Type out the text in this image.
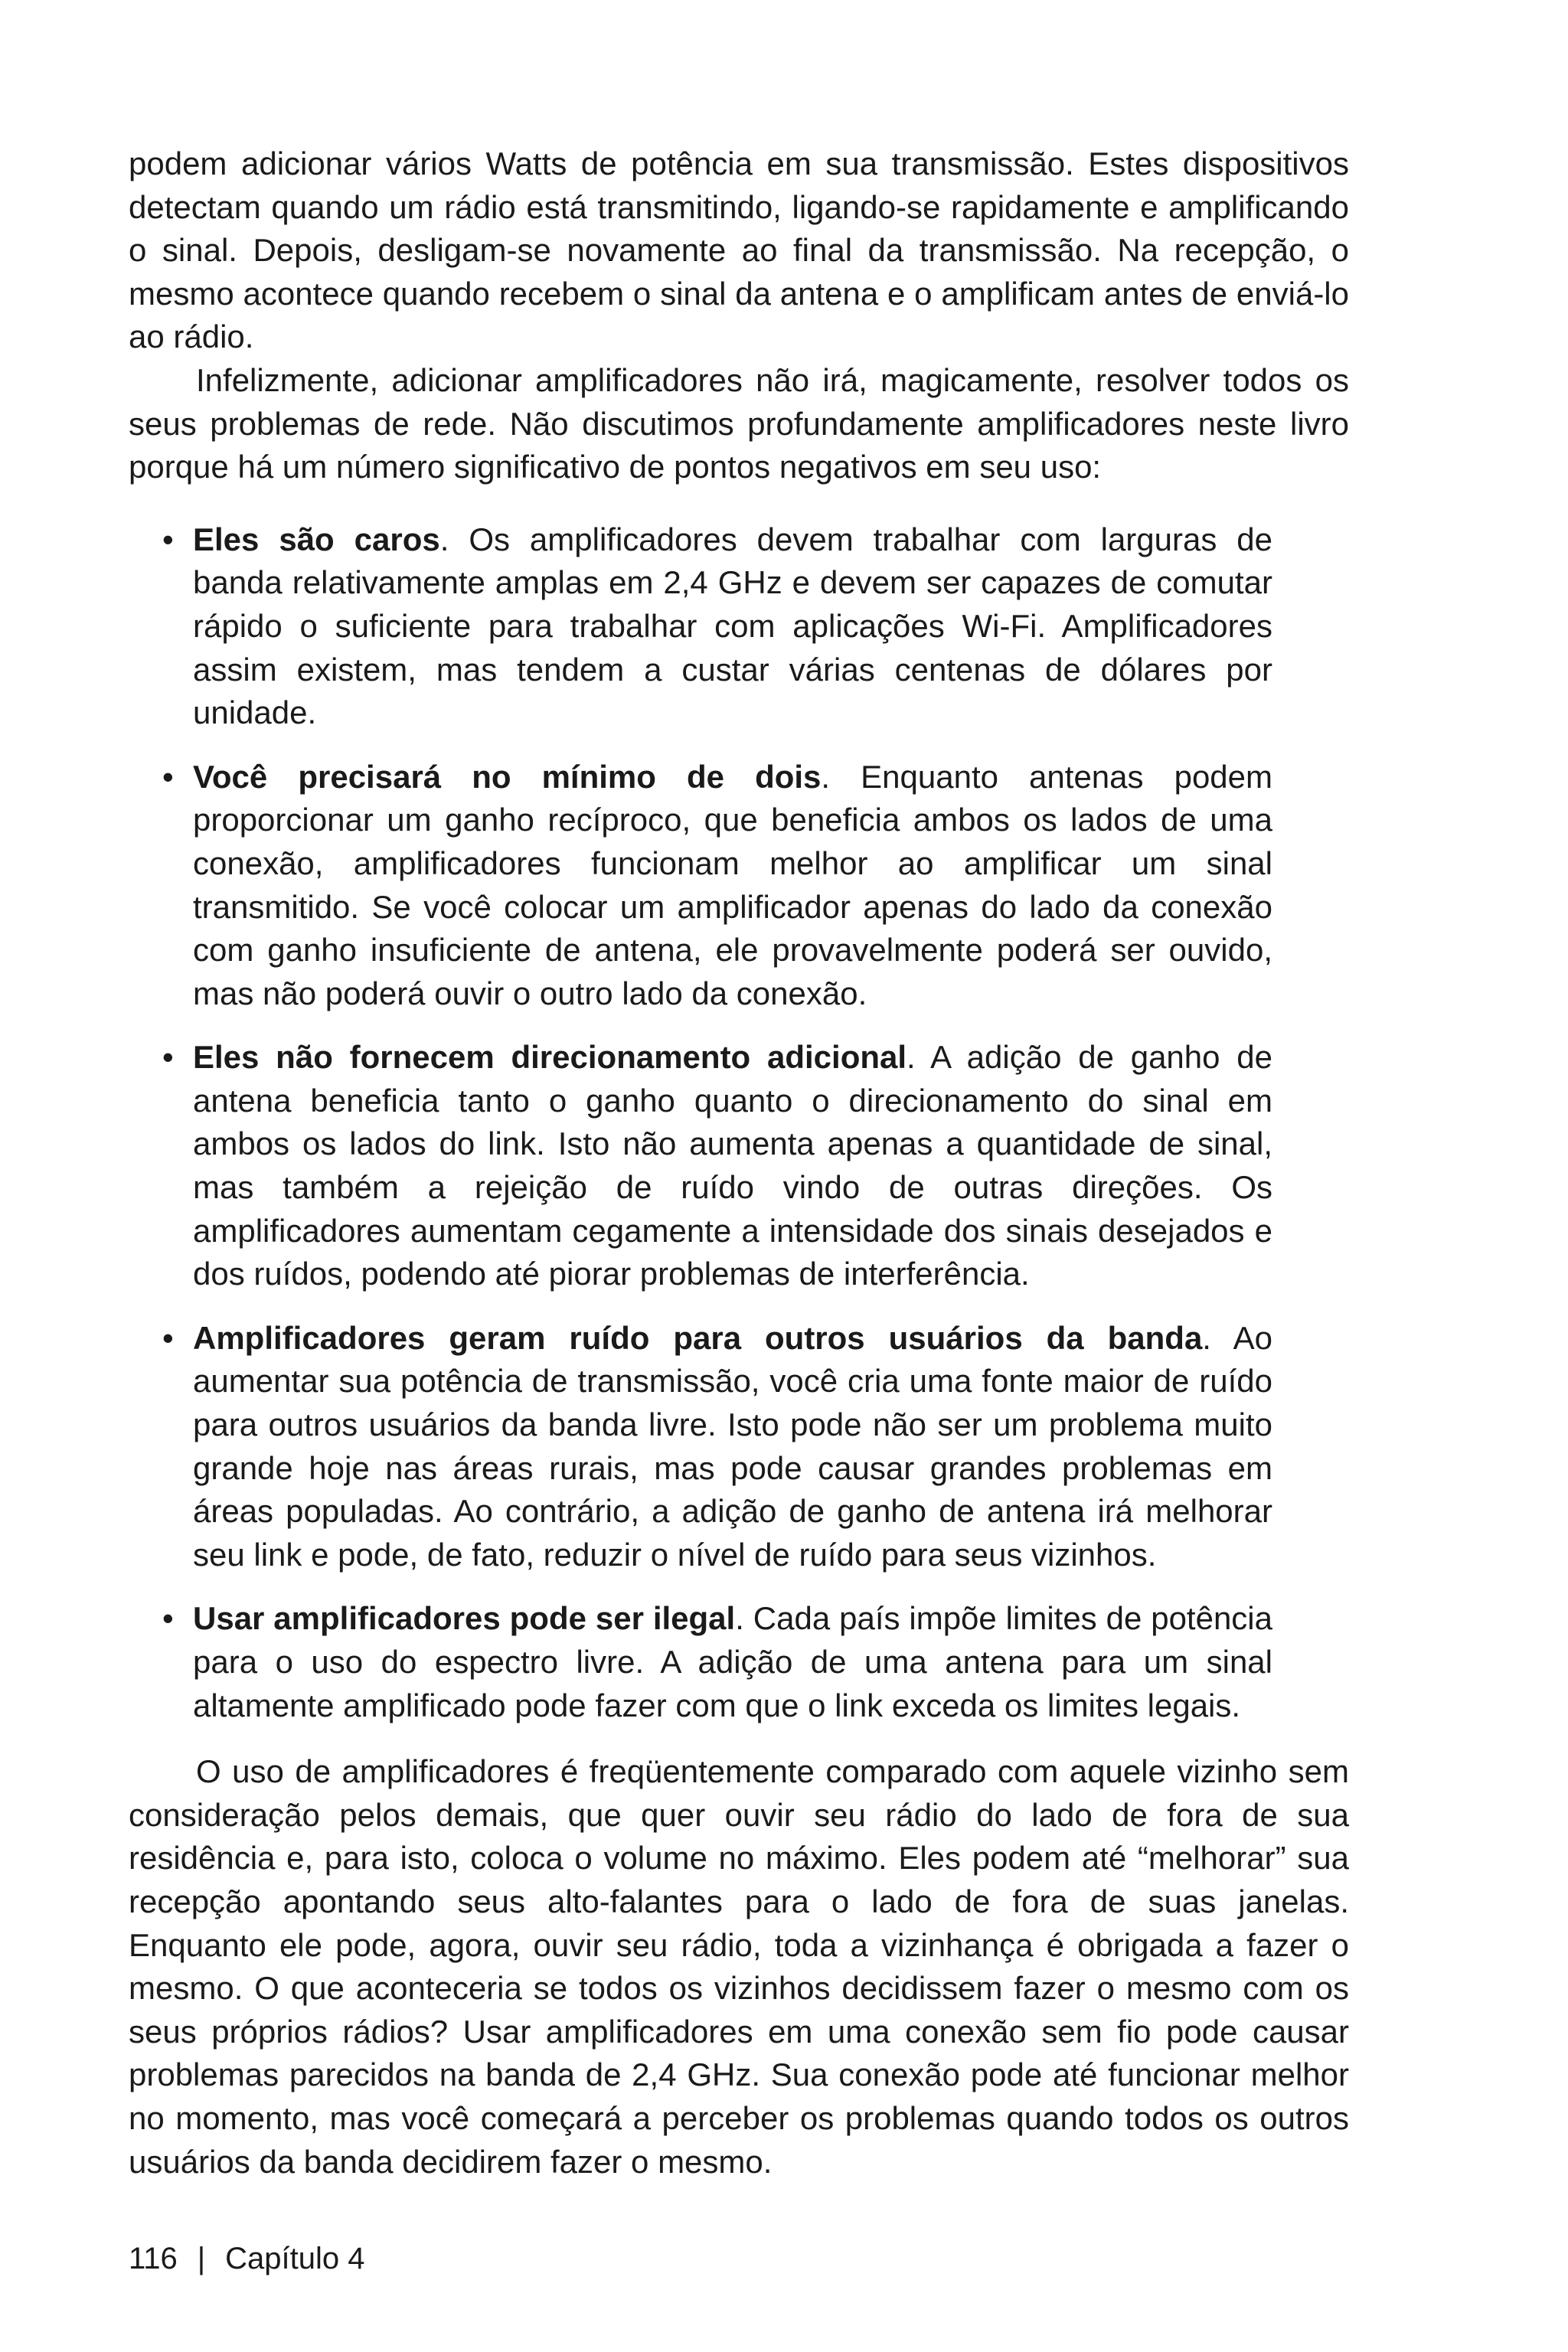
podem adicionar vários Watts de potência em sua transmissão. Estes dispositivos detectam quando um rádio está transmitindo, ligando-se rapidamente e amplificando o sinal. Depois, desligam-se novamente ao final da transmissão. Na recepção, o mesmo acontece quando recebem o sinal da antena e o amplificam antes de enviá-lo ao rádio.

Infelizmente, adicionar amplificadores não irá, magicamente, resolver todos os seus problemas de rede. Não discutimos profundamente amplificadores neste livro porque há um número significativo de pontos negativos em seu uso:

• Eles são caros. Os amplificadores devem trabalhar com larguras de banda relativamente amplas em 2,4 GHz e devem ser capazes de comutar rápido o suficiente para trabalhar com aplicações Wi-Fi. Amplificadores assim existem, mas tendem a custar várias centenas de dólares por unidade.
• Você precisará no mínimo de dois. Enquanto antenas podem proporcionar um ganho recíproco, que beneficia ambos os lados de uma conexão, amplificadores funcionam melhor ao amplificar um sinal transmitido. Se você colocar um amplificador apenas do lado da conexão com ganho insuficiente de antena, ele provavelmente poderá ser ouvido, mas não poderá ouvir o outro lado da conexão.
• Eles não fornecem direcionamento adicional. A adição de ganho de antena beneficia tanto o ganho quanto o direcionamento do sinal em ambos os lados do link. Isto não aumenta apenas a quantidade de sinal, mas também a rejeição de ruído vindo de outras direções. Os amplificadores aumentam cegamente a intensidade dos sinais desejados e dos ruídos, podendo até piorar problemas de interferência.
• Amplificadores geram ruído para outros usuários da banda. Ao aumentar sua potência de transmissão, você cria uma fonte maior de ruído para outros usuários da banda livre. Isto pode não ser um problema muito grande hoje nas áreas rurais, mas pode causar grandes problemas em áreas populadas. Ao contrário, a adição de ganho de antena irá melhorar seu link e pode, de fato, reduzir o nível de ruído para seus vizinhos.
• Usar amplificadores pode ser ilegal. Cada país impõe limites de potência para o uso do espectro livre. A adição de uma antena para um sinal altamente amplificado pode fazer com que o link exceda os limites legais.

O uso de amplificadores é freqüentemente comparado com aquele vizinho sem consideração pelos demais, que quer ouvir seu rádio do lado de fora de sua residência e, para isto, coloca o volume no máximo. Eles podem até “melhorar” sua recepção apontando seus alto-falantes para o lado de fora de suas janelas. Enquanto ele pode, agora, ouvir seu rádio, toda a vizinhança é obrigada a fazer o mesmo. O que aconteceria se todos os vizinhos decidissem fazer o mesmo com os seus próprios rádios? Usar amplificadores em uma conexão sem fio pode causar problemas parecidos na banda de 2,4 GHz. Sua conexão pode até funcionar melhor no momento, mas você começará a perceber os problemas quando todos os outros usuários da banda decidirem fazer o mesmo.

116 | Capítulo 4
